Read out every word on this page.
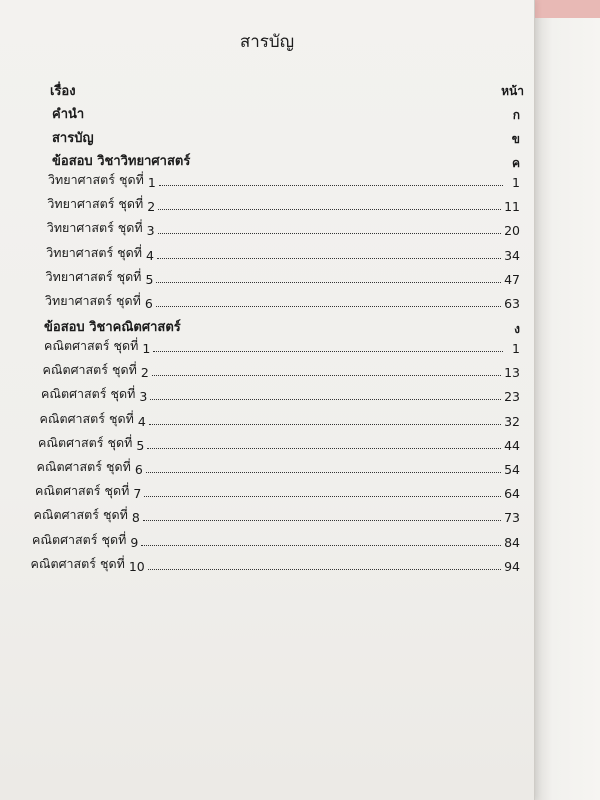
สารบัญ
เรื่อง	หน้า
คำนำ	ก
สารบัญ	ข
ข้อสอบ วิชาวิทยาศาสตร์	ค
วิทยาศาสตร์ ชุดที่ 1	1
วิทยาศาสตร์ ชุดที่ 2	11
วิทยาศาสตร์ ชุดที่ 3	20
วิทยาศาสตร์ ชุดที่ 4	34
วิทยาศาสตร์ ชุดที่ 5	47
วิทยาศาสตร์ ชุดที่ 6	63
ข้อสอบ วิชาคณิตศาสตร์	ง
คณิตศาสตร์ ชุดที่ 1	1
คณิตศาสตร์ ชุดที่ 2	13
คณิตศาสตร์ ชุดที่ 3	23
คณิตศาสตร์ ชุดที่ 4	32
คณิตศาสตร์ ชุดที่ 5	44
คณิตศาสตร์ ชุดที่ 6	54
คณิตศาสตร์ ชุดที่ 7	64
คณิตศาสตร์ ชุดที่ 8	73
คณิตศาสตร์ ชุดที่ 9	84
คณิตศาสตร์ ชุดที่ 10	94
